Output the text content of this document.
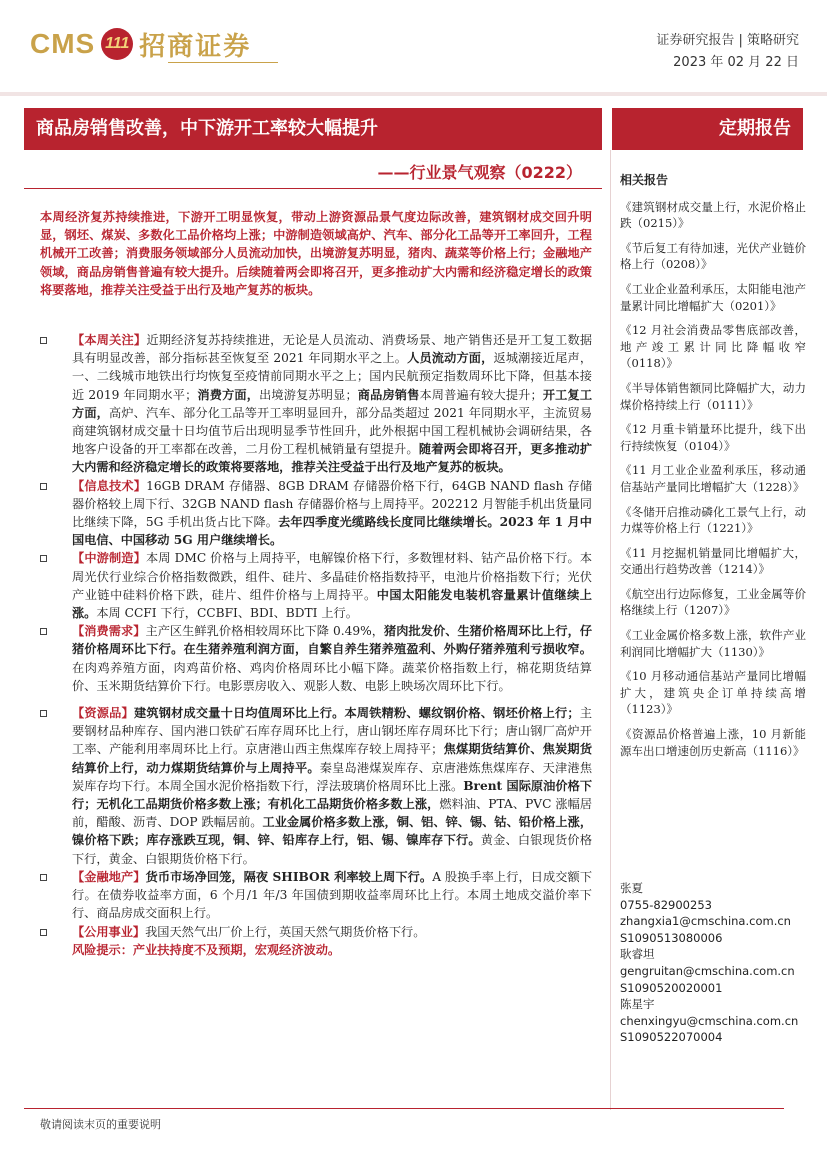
CMS 111 招商证券	证券研究报告 | 策略研究
2023 年 02 月 22 日
商品房销售改善，中下游开工率较大幅提升	定期报告
——行业景气观察（0222）

本周经济复苏持续推进，下游开工明显恢复，带动上游资源品景气度边际改善，建筑钢材成交回升明显，钢坯、煤炭、多数化工品价格均上涨；中游制造领域高炉、汽车、部分化工品等开工率回升，工程机械开工改善；消费服务领域部分人员流动加快，出境游复苏明显，猪肉、蔬菜等价格上行；金融地产领域，商品房销售普遍有较大提升。后续随着两会即将召开，更多推动扩大内需和经济稳定增长的政策将要落地，推荐关注受益于出行及地产复苏的板块。

【本周关注】近期经济复苏持续推进，无论是人员流动、消费场景、地产销售还是开工复工数据具有明显改善，部分指标甚至恢复至 2021 年同期水平之上。人员流动方面，返城潮接近尾声，一、二线城市地铁出行均恢复至疫情前同期水平之上；国内民航预定指数周环比下降，但基本接近 2019 年同期水平；消费方面，出境游复苏明显；商品房销售本周普遍有较大提升；开工复工方面，高炉、汽车、部分化工品等开工率明显回升，部分品类超过 2021 年同期水平，主流贸易商建筑钢材成交量十日均值节后出现明显季节性回升，此外根据中国工程机械协会调研结果，各地客户设备的开工率都在改善，二月份工程机械销量有望提升。随着两会即将召开，更多推动扩大内需和经济稳定增长的政策将要落地，推荐关注受益于出行及地产复苏的板块。

【信息技术】16GB DRAM 存储器、8GB DRAM 存储器价格下行，64GB NAND flash 存储器价格较上周下行、32GB NAND flash 存储器价格与上周持平。202212 月智能手机出货量同比继续下降，5G 手机出货占比下降。去年四季度光缆路线长度同比继续增长。2023 年 1 月中国电信、中国移动 5G 用户继续增长。

【中游制造】本周 DMC 价格与上周持平，电解镍价格下行，多数锂材料、钴产品价格下行。本周光伏行业综合价格指数微跌，组件、硅片、多晶硅价格指数持平，电池片价格指数下行；光伏产业链中硅料价格下跌，硅片、组件价格与上周持平。中国太阳能发电装机容量累计值继续上涨。本周 CCFI 下行，CCBFI、BDI、BDTI 上行。

【消费需求】主产区生鲜乳价格相较周环比下降 0.49%，猪肉批发价、生猪价格周环比上行，仔猪价格周环比下行。在生猪养殖利润方面，自繁自养生猪养殖盈利、外购仔猪养殖利亏损收窄。在肉鸡养殖方面，肉鸡苗价格、鸡肉价格周环比小幅下降。蔬菜价格指数上行，棉花期货结算价、玉米期货结算价下行。电影票房收入、观影人数、电影上映场次周环比下行。

【资源品】建筑钢材成交量十日均值周环比上行。本周铁精粉、螺纹钢价格、钢坯价格上行；主要钢材品种库存、国内港口铁矿石库存周环比上行，唐山钢坯库存周环比下行；唐山钢厂高炉开工率、产能利用率周环比上行。京唐港山西主焦煤库存较上周持平；焦煤期货结算价、焦炭期货结算价上行，动力煤期货结算价与上周持平。秦皇岛港煤炭库存、京唐港炼焦煤库存、天津港焦炭库存均下行。本周全国水泥价格指数下行，浮法玻璃价格周环比上涨。Brent 国际原油价格下行；无机化工品期货价格多数上涨；有机化工品期货价格多数上涨，燃料油、PTA、PVC 涨幅居前，醋酸、沥青、DOP 跌幅居前。工业金属价格多数上涨，铜、铝、锌、锡、钴、铅价格上涨，镍价格下跌；库存涨跌互现，铜、锌、铅库存上行，铝、锡、镍库存下行。黄金、白银现货价格下行，黄金、白银期货价格下行。

【金融地产】货币市场净回笼，隔夜 SHIBOR 利率较上周下行。A 股换手率上行，日成交额下行。在债券收益率方面，6 个月/1 年/3 年国债到期收益率周环比上行。本周土地成交溢价率下行、商品房成交面积上行。

【公用事业】我国天然气出厂价上行，英国天然气期货价格下行。

风险提示：产业扶持度不及预期，宏观经济波动。

相关报告

《建筑钢材成交量上行，水泥价格止跌（0215）》

《节后复工有待加速，光伏产业链价格上行（0208）》

《工业企业盈利承压，太阳能电池产量累计同比增幅扩大（0201）》

《12 月社会消费品零售底部改善，地产竣工累计同比降幅收窄（0118）》

《半导体销售额同比降幅扩大，动力煤价格持续上行（0111）》

《12 月重卡销量环比提升，线下出行持续恢复（0104）》

《11 月工业企业盈利承压，移动通信基站产量同比增幅扩大（1228）》

《冬储开启推动磷化工景气上行，动力煤等价格上行（1221）》

《11 月挖掘机销量同比增幅扩大，交通出行趋势改善（1214）》

《航空出行边际修复，工业金属等价格继续上行（1207）》

《工业金属价格多数上涨，软件产业利润同比增幅扩大（1130）》

《10 月移动通信基站产量同比增幅扩大，建筑央企订单持续高增（1123）》

《资源品价格普遍上涨，10 月新能源车出口增速创历史新高（1116）》

张夏
0755-82900253
zhangxia1@cmschina.com.cn
S1090513080006
耿睿坦
gengruitan@cmschina.com.cn
S1090520020001
陈星宇
chenxingyu@cmschina.com.cn
S1090522070004
敬请阅读末页的重要说明
